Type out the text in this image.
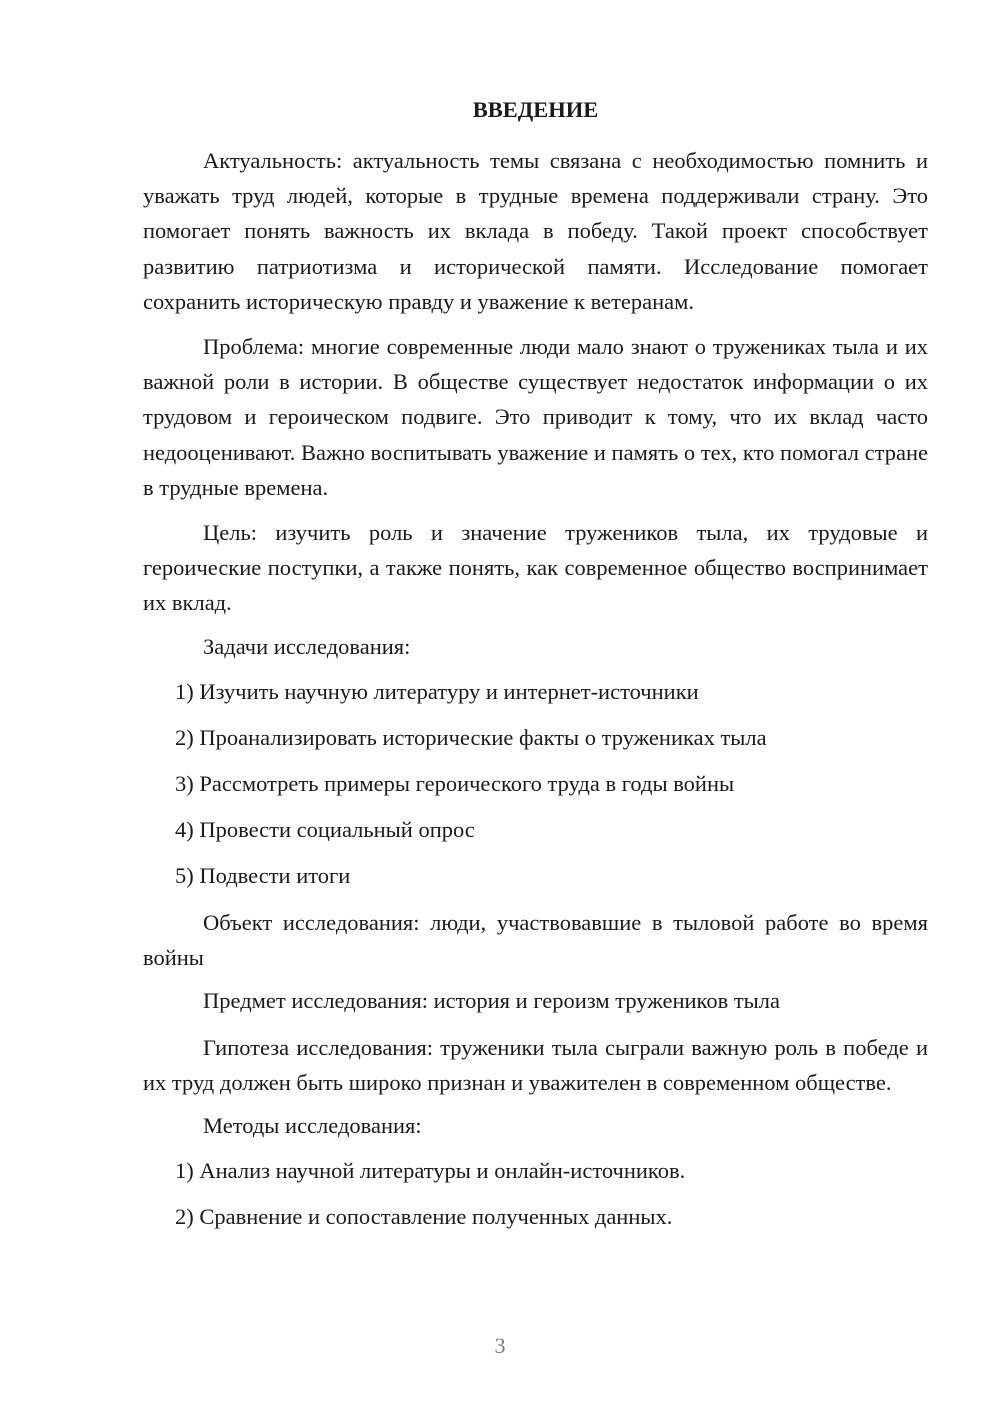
ВВЕДЕНИЕ

Актуальность: актуальность темы связана с необходимостью помнить и уважать труд людей, которые в трудные времена поддерживали страну. Это помогает понять важность их вклада в победу. Такой проект способствует развитию патриотизма и исторической памяти. Исследование помогает сохранить историческую правду и уважение к ветеранам.

Проблема: многие современные люди мало знают о тружениках тыла и их важной роли в истории. В обществе существует недостаток информации о их трудовом и героическом подвиге. Это приводит к тому, что их вклад часто недооценивают. Важно воспитывать уважение и память о тех, кто помогал стране в трудные времена.

Цель: изучить роль и значение тружеников тыла, их трудовые и героические поступки, а также понять, как современное общество воспринимает их вклад.

Задачи исследования:

1) Изучить научную литературу и интернет-источники

2) Проанализировать исторические факты о тружениках тыла

3) Рассмотреть примеры героического труда в годы войны

4) Провести социальный опрос

5) Подвести итоги

Объект исследования: люди, участвовавшие в тыловой работе во время войны

Предмет исследования: история и героизм тружеников тыла

Гипотеза исследования: труженики тыла сыграли важную роль в победе и их труд должен быть широко признан и уважителен в современном обществе.

Методы исследования:

1) Анализ научной литературы и онлайн-источников.

2) Сравнение и сопоставление полученных данных.

3
